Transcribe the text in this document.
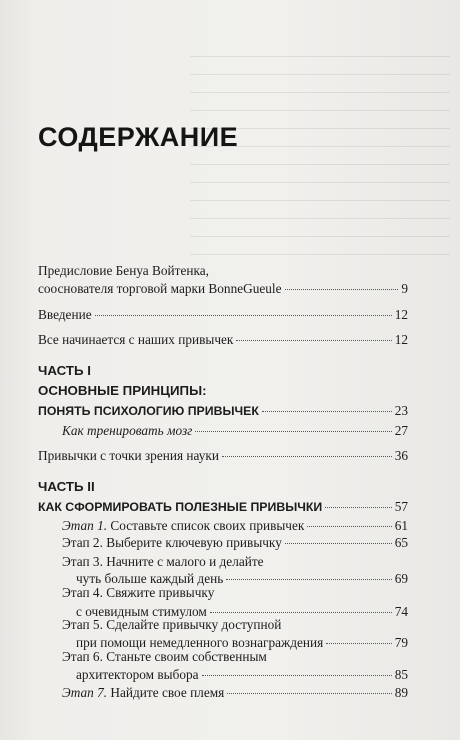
СОДЕРЖАНИЕ
Предисловие Бенуа Войтенка,
сооснователя торговой марки BonneGueule	9
Введение	12
Все начинается с наших привычек	12
ЧАСТЬ I
ОСНОВНЫЕ ПРИНЦИПЫ:
ПОНЯТЬ ПСИХОЛОГИЮ ПРИВЫЧЕК	23
Как тренировать мозг	27
Привычки с точки зрения науки	36
ЧАСТЬ II
КАК СФОРМИРОВАТЬ ПОЛЕЗНЫЕ ПРИВЫЧКИ	57
Этап 1. Составьте список своих привычек	61
Этап 2. Выберите ключевую привычку	65
Этап 3. Начните с малого и делайте
чуть больше каждый день	69
Этап 4. Свяжите привычку
с очевидным стимулом	74
Этап 5. Сделайте привычку доступной
при помощи немедленного вознаграждения	79
Этап 6. Станьте своим собственным
архитектором выбора	85
Этап 7. Найдите свое племя	89
